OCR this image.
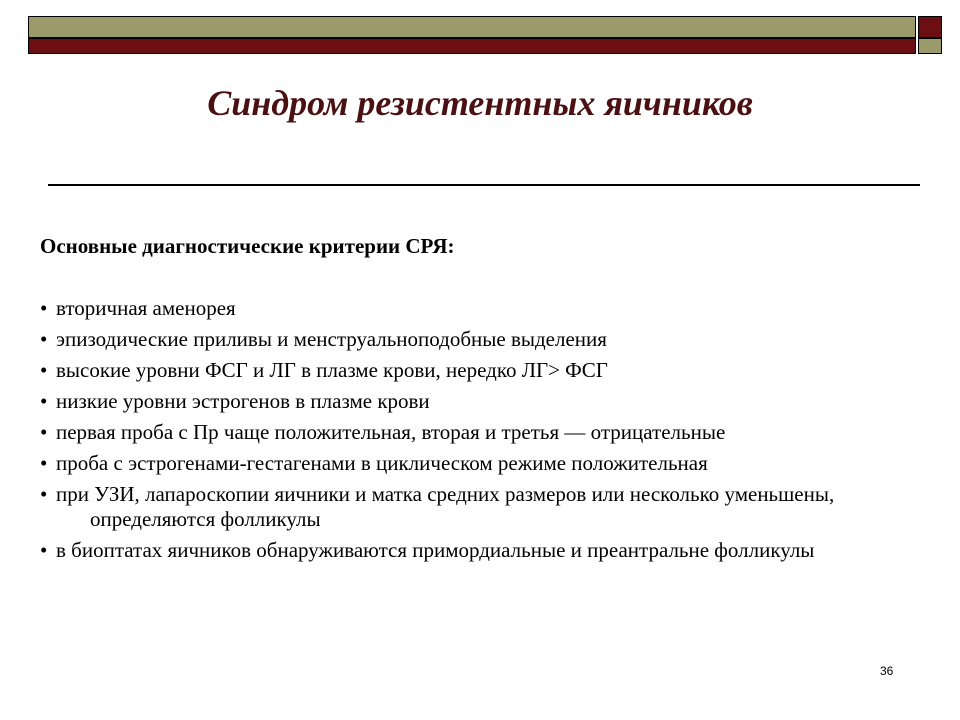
Синдром резистентных яичников

Основные диагностические критерии СРЯ:

• вторичная аменорея
• эпизодические приливы и менструальноподобные выделения
• высокие уровни ФСГ и ЛГ в плазме крови, нередко ЛГ> ФСГ
• низкие уровни эстрогенов в плазме крови
• первая проба с Пр чаще положительная, вторая и третья — отрицательные
• проба с эстрогенами-гестагенами в циклическом режиме положительная
• при УЗИ, лапароскопии яичники и матка средних размеров или несколько уменьшены, определяются фолликулы
• в биоптатах яичников обнаруживаются примордиальные и преантральне фолликулы
36
